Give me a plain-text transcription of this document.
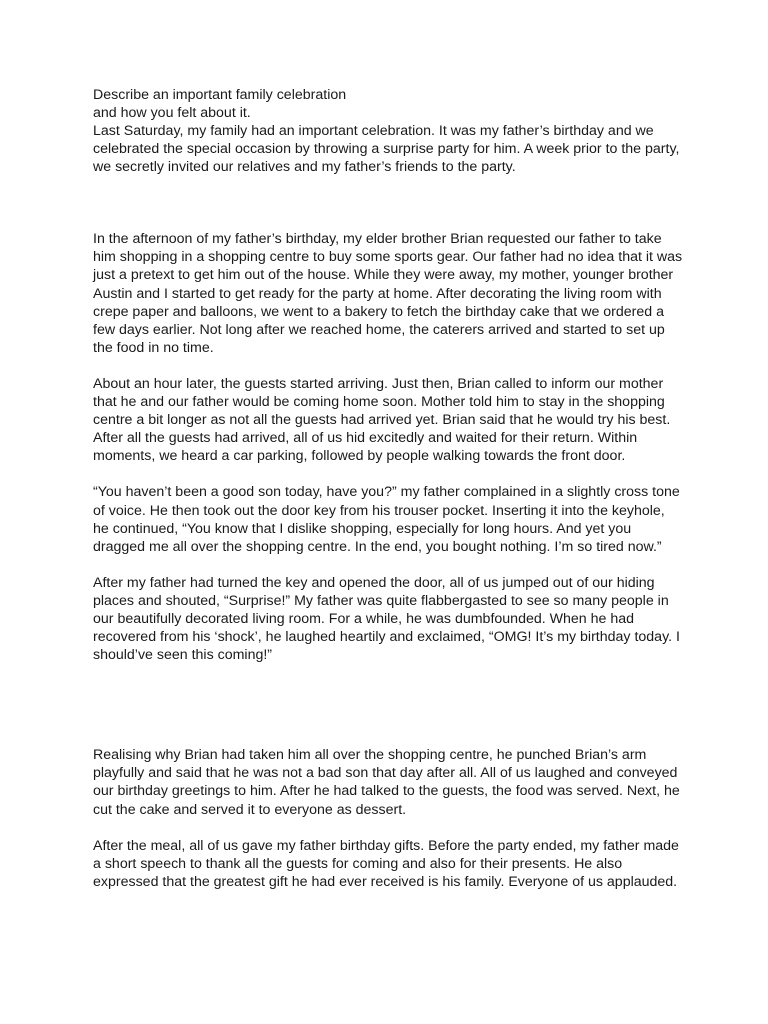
Describe an important family celebration

and how you felt about it.

Last Saturday, my family had an important celebration. It was my father’s birthday and we celebrated the special occasion by throwing a surprise party for him. A week prior to the party, we secretly invited our relatives and my father’s friends to the party.

In the afternoon of my father’s birthday, my elder brother Brian requested our father to take him shopping in a shopping centre to buy some sports gear. Our father had no idea that it was just a pretext to get him out of the house. While they were away, my mother, younger brother Austin and I started to get ready for the party at home. After decorating the living room with crepe paper and balloons, we went to a bakery to fetch the birthday cake that we ordered a few days earlier. Not long after we reached home, the caterers arrived and started to set up the food in no time.

About an hour later, the guests started arriving. Just then, Brian called to inform our mother that he and our father would be coming home soon. Mother told him to stay in the shopping centre a bit longer as not all the guests had arrived yet. Brian said that he would try his best. After all the guests had arrived, all of us hid excitedly and waited for their return. Within moments, we heard a car parking, followed by people walking towards the front door.

“You haven’t been a good son today, have you?” my father complained in a slightly cross tone of voice. He then took out the door key from his trouser pocket. Inserting it into the keyhole, he continued, “You know that I dislike shopping, especially for long hours. And yet you dragged me all over the shopping centre. In the end, you bought nothing. I’m so tired now.”

After my father had turned the key and opened the door, all of us jumped out of our hiding places and shouted, “Surprise!” My father was quite flabbergasted to see so many people in our beautifully decorated living room. For a while, he was dumbfounded. When he had recovered from his ‘shock’, he laughed heartily and exclaimed, “OMG! It’s my birthday today. I should’ve seen this coming!”

Realising why Brian had taken him all over the shopping centre, he punched Brian’s arm playfully and said that he was not a bad son that day after all. All of us laughed and conveyed our birthday greetings to him. After he had talked to the guests, the food was served. Next, he cut the cake and served it to everyone as dessert.

After the meal, all of us gave my father birthday gifts. Before the party ended, my father made a short speech to thank all the guests for coming and also for their presents. He also expressed that the greatest gift he had ever received is his family. Everyone of us applauded.
